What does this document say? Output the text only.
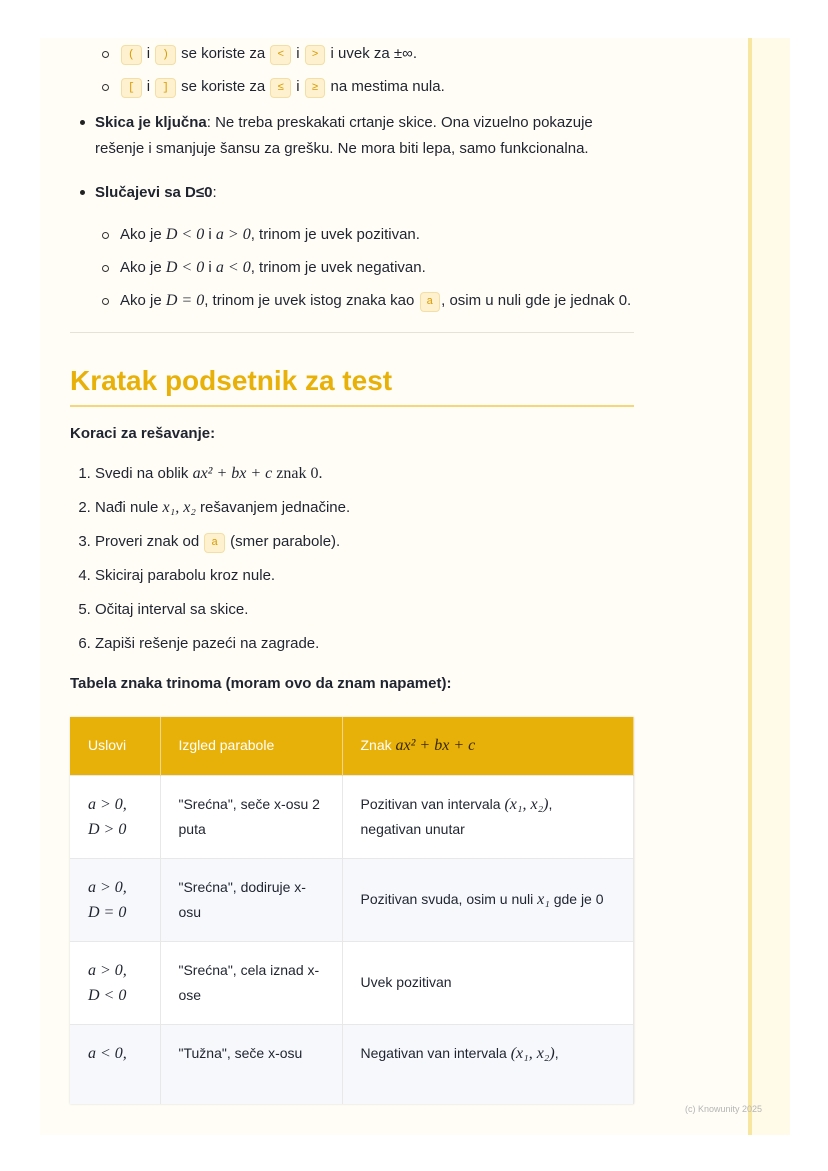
( i ) se koriste za < i > i uvek za ±∞.
[ i ] se koriste za ≤ i ≥ na mestima nula.
Skica je ključna: Ne treba preskakati crtanje skice. Ona vizuelno pokazuje rešenje i smanjuje šansu za grešku. Ne mora biti lepa, samo funkcionalna.
Slučajevi sa D≤0:
Ako je D < 0 i a > 0, trinom je uvek pozitivan.
Ako je D < 0 i a < 0, trinom je uvek negativan.
Ako je D = 0, trinom je uvek istog znaka kao a , osim u nuli gde je jednak 0.
Kratak podsetnik za test

Koraci za rešavanje:

1. Svedi na oblik ax² + bx + c znak 0.
2. Nađi nule x₁, x₂ rešavanjem jednačine.
3. Proveri znak od a (smer parabole).
4. Skiciraj parabolu kroz nule.
5. Očitaj interval sa skice.
6. Zapiši rešenje pazeći na zagrade.

Tabela znaka trinoma (moram ovo da znam napamet):

Uslovi	Izgled parabole	Znak ax² + bx + c
a > 0,
D > 0	"Srećna", seče x-osu 2 puta	Pozitivan van intervala (x₁, x₂), negativan unutar
a > 0,
D = 0	"Srećna", dodiruje x-osu	Pozitivan svuda, osim u nuli x₁ gde je 0
a > 0,
D < 0	"Srećna", cela iznad x-ose	Uvek pozitivan
a < 0,	"Tužna", seče x-osu	Negativan van intervala (x₁, x₂),
(c) Knowunity 2025
